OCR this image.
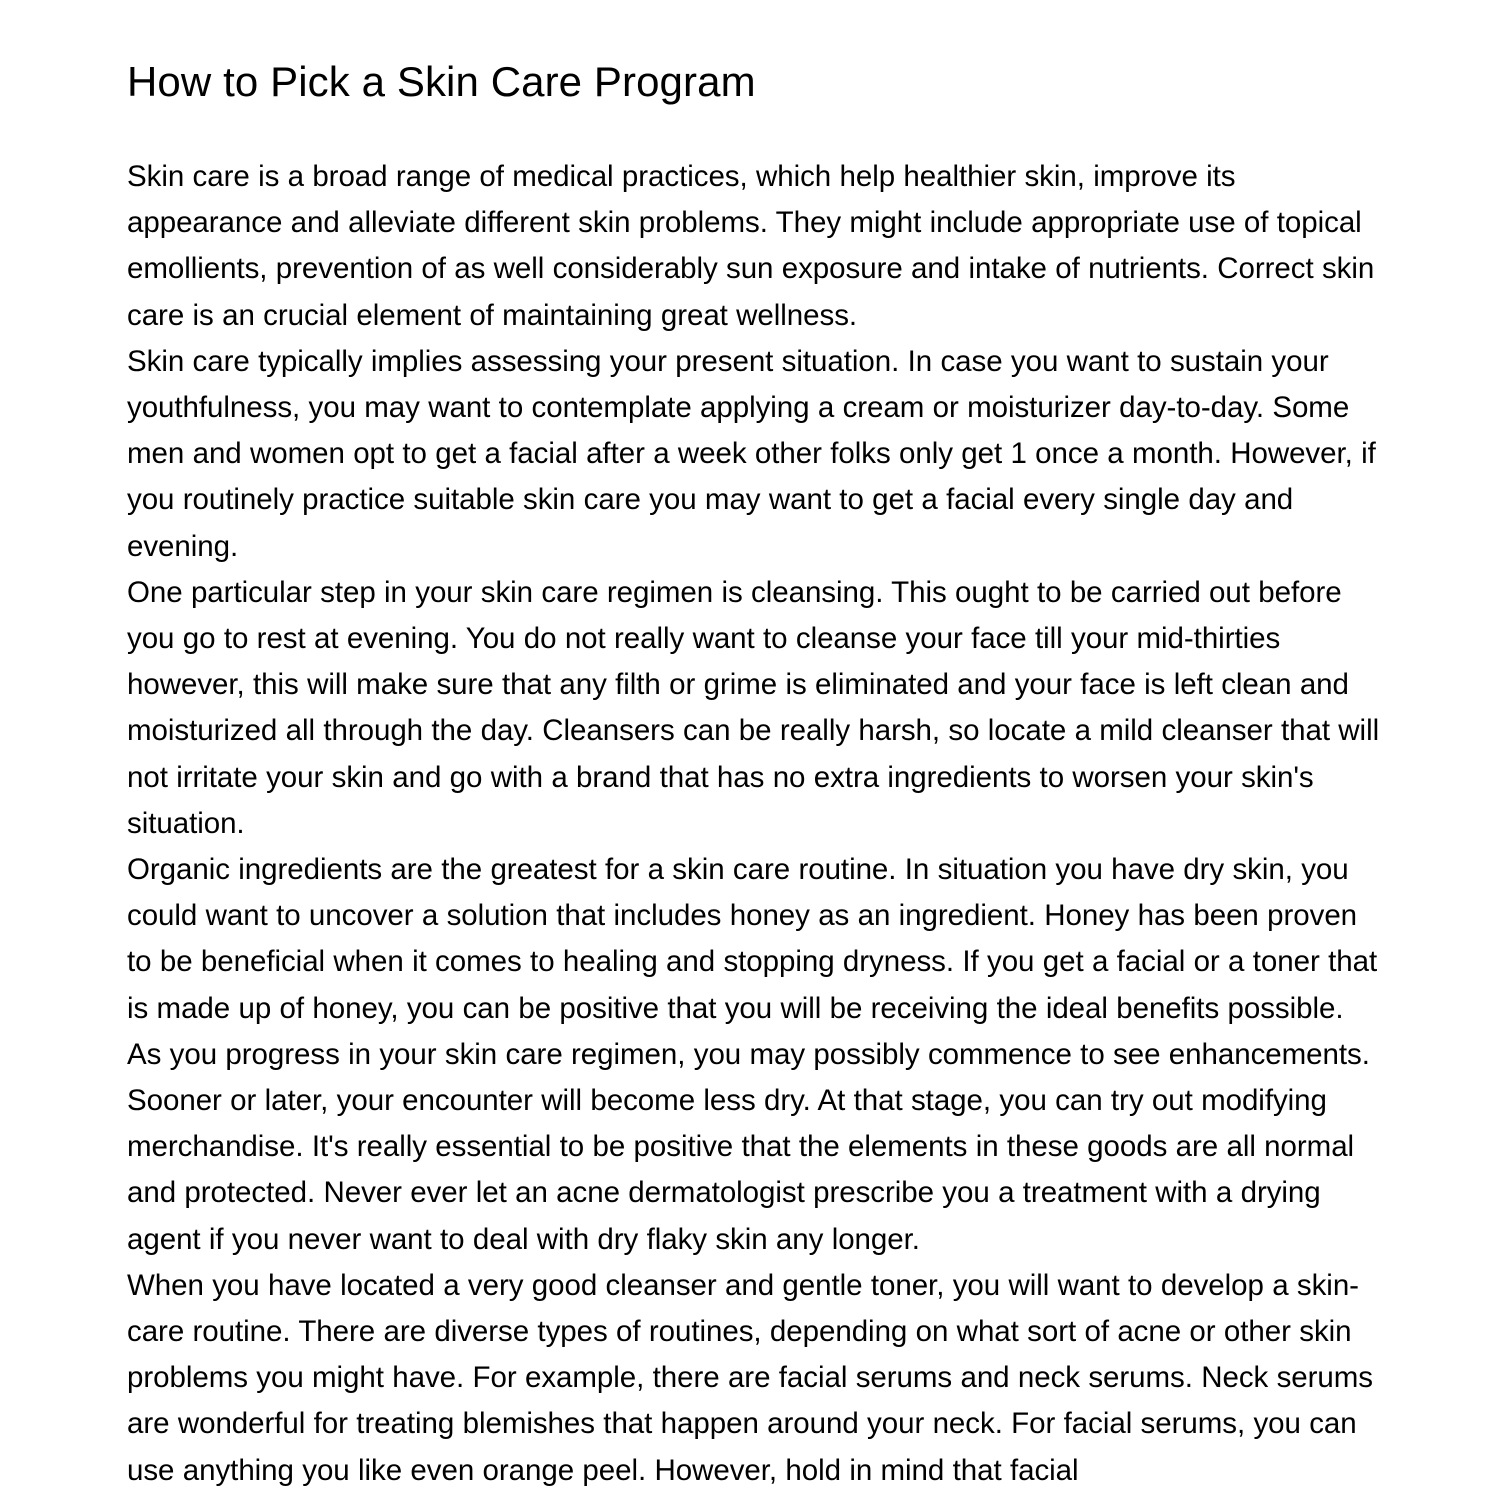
How to Pick a Skin Care Program

Skin care is a broad range of medical practices, which help healthier skin, improve its appearance and alleviate different skin problems. They might include appropriate use of topical emollients, prevention of as well considerably sun exposure and intake of nutrients. Correct skin care is an crucial element of maintaining great wellness.

Skin care typically implies assessing your present situation. In case you want to sustain your youthfulness, you may want to contemplate applying a cream or moisturizer day-to-day. Some men and women opt to get a facial after a week other folks only get 1 once a month. However, if you routinely practice suitable skin care you may want to get a facial every single day and evening.

One particular step in your skin care regimen is cleansing. This ought to be carried out before you go to rest at evening. You do not really want to cleanse your face till your mid-thirties however, this will make sure that any filth or grime is eliminated and your face is left clean and moisturized all through the day. Cleansers can be really harsh, so locate a mild cleanser that will not irritate your skin and go with a brand that has no extra ingredients to worsen your skin's situation.

Organic ingredients are the greatest for a skin care routine. In situation you have dry skin, you could want to uncover a solution that includes honey as an ingredient. Honey has been proven to be beneficial when it comes to healing and stopping dryness. If you get a facial or a toner that is made up of honey, you can be positive that you will be receiving the ideal benefits possible.

As you progress in your skin care regimen, you may possibly commence to see enhancements. Sooner or later, your encounter will become less dry. At that stage, you can try out modifying merchandise. It's really essential to be positive that the elements in these goods are all normal and protected. Never ever let an acne dermatologist prescribe you a treatment with a drying agent if you never want to deal with dry flaky skin any longer.

When you have located a very good cleanser and gentle toner, you will want to develop a skin-care routine. There are diverse types of routines, depending on what sort of acne or other skin problems you might have. For example, there are facial serums and neck serums. Neck serums are wonderful for treating blemishes that happen around your neck. For facial serums, you can use anything you like even orange peel. However, hold in mind that facial
